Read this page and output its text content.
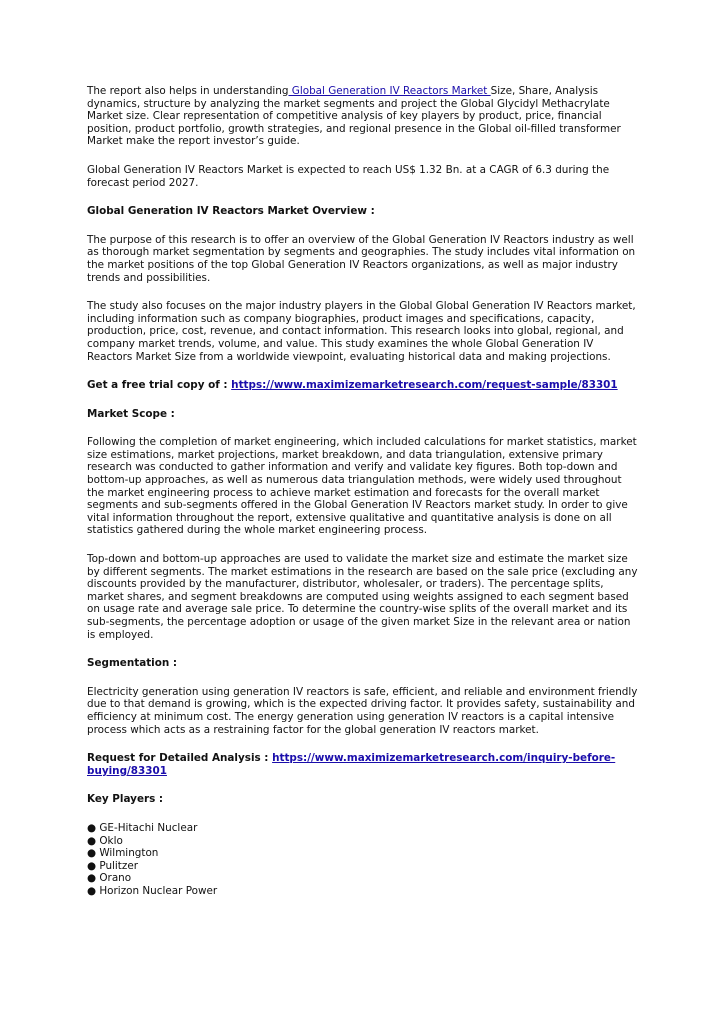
The report also helps in understanding Global Generation IV Reactors Market Size, Share, Analysis dynamics, structure by analyzing the market segments and project the Global Glycidyl Methacrylate Market size. Clear representation of competitive analysis of key players by product, price, financial position, product portfolio, growth strategies, and regional presence in the Global oil-filled transformer Market make the report investor’s guide.

Global Generation IV Reactors Market is expected to reach US$ 1.32 Bn. at a CAGR of 6.3 during the forecast period 2027.

Global Generation IV Reactors Market Overview :

The purpose of this research is to offer an overview of the Global Generation IV Reactors industry as well as thorough market segmentation by segments and geographies. The study includes vital information on the market positions of the top Global Generation IV Reactors organizations, as well as major industry trends and possibilities.

The study also focuses on the major industry players in the Global Global Generation IV Reactors market, including information such as company biographies, product images and specifications, capacity, production, price, cost, revenue, and contact information. This research looks into global, regional, and company market trends, volume, and value. This study examines the whole Global Generation IV Reactors Market Size from a worldwide viewpoint, evaluating historical data and making projections.

Get a free trial copy of : https://www.maximizemarketresearch.com/request-sample/83301

Market Scope :

Following the completion of market engineering, which included calculations for market statistics, market size estimations, market projections, market breakdown, and data triangulation, extensive primary research was conducted to gather information and verify and validate key figures. Both top-down and bottom-up approaches, as well as numerous data triangulation methods, were widely used throughout the market engineering process to achieve market estimation and forecasts for the overall market segments and sub-segments offered in the Global Generation IV Reactors market study. In order to give vital information throughout the report, extensive qualitative and quantitative analysis is done on all statistics gathered during the whole market engineering process.

Top-down and bottom-up approaches are used to validate the market size and estimate the market size by different segments. The market estimations in the research are based on the sale price (excluding any discounts provided by the manufacturer, distributor, wholesaler, or traders). The percentage splits, market shares, and segment breakdowns are computed using weights assigned to each segment based on usage rate and average sale price. To determine the country-wise splits of the overall market and its sub-segments, the percentage adoption or usage of the given market Size in the relevant area or nation is employed.

Segmentation :

Electricity generation using generation IV reactors is safe, efficient, and reliable and environment friendly due to that demand is growing, which is the expected driving factor. It provides safety, sustainability and efficiency at minimum cost. The energy generation using generation IV reactors is a capital intensive process which acts as a restraining factor for the global generation IV reactors market.

Request for Detailed Analysis : https://www.maximizemarketresearch.com/inquiry-before-buying/83301

Key Players :

● GE-Hitachi Nuclear
● Oklo
● Wilmington
● Pulitzer
● Orano
● Horizon Nuclear Power
